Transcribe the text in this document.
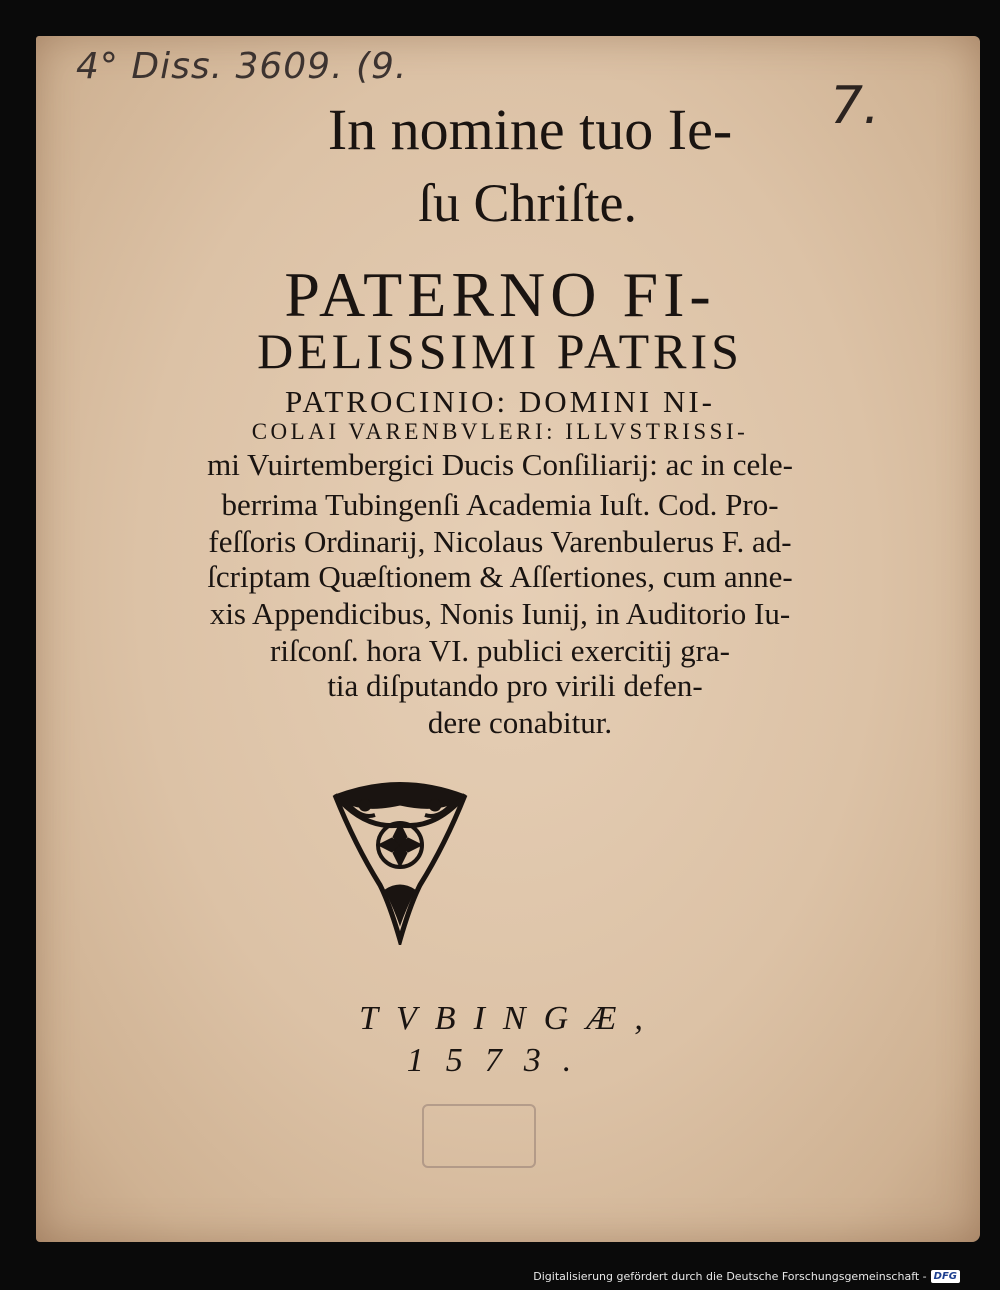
4° Diss. 3609. (9.
7.
In nomine tuo Ie-
ſu Chriſte.
PATERNO FI-
DELISSIMI PATRIS
PATROCINIO: DOMINI NI-
COLAI VARENBVLERI: ILLVSTRISSI-
mi Vuirtembergici Ducis Conſiliarij: ac in cele-
berrima Tubingenſi Academia Iuſt. Cod. Pro-
feſſoris Ordinarij, Nicolaus Varenbulerus F. ad-
ſcriptam Quæſtionem & Aſſertiones, cum anne-
xis Appendicibus, Nonis Iunij, in Auditorio Iu-
riſconſ. hora VI. publici exercitij gra-
tia diſputando pro virili defen-
dere conabitur.
TVBINGÆ,
1573.
Digitalisierung gefördert durch die Deutsche Forschungsgemeinschaft - DFG
